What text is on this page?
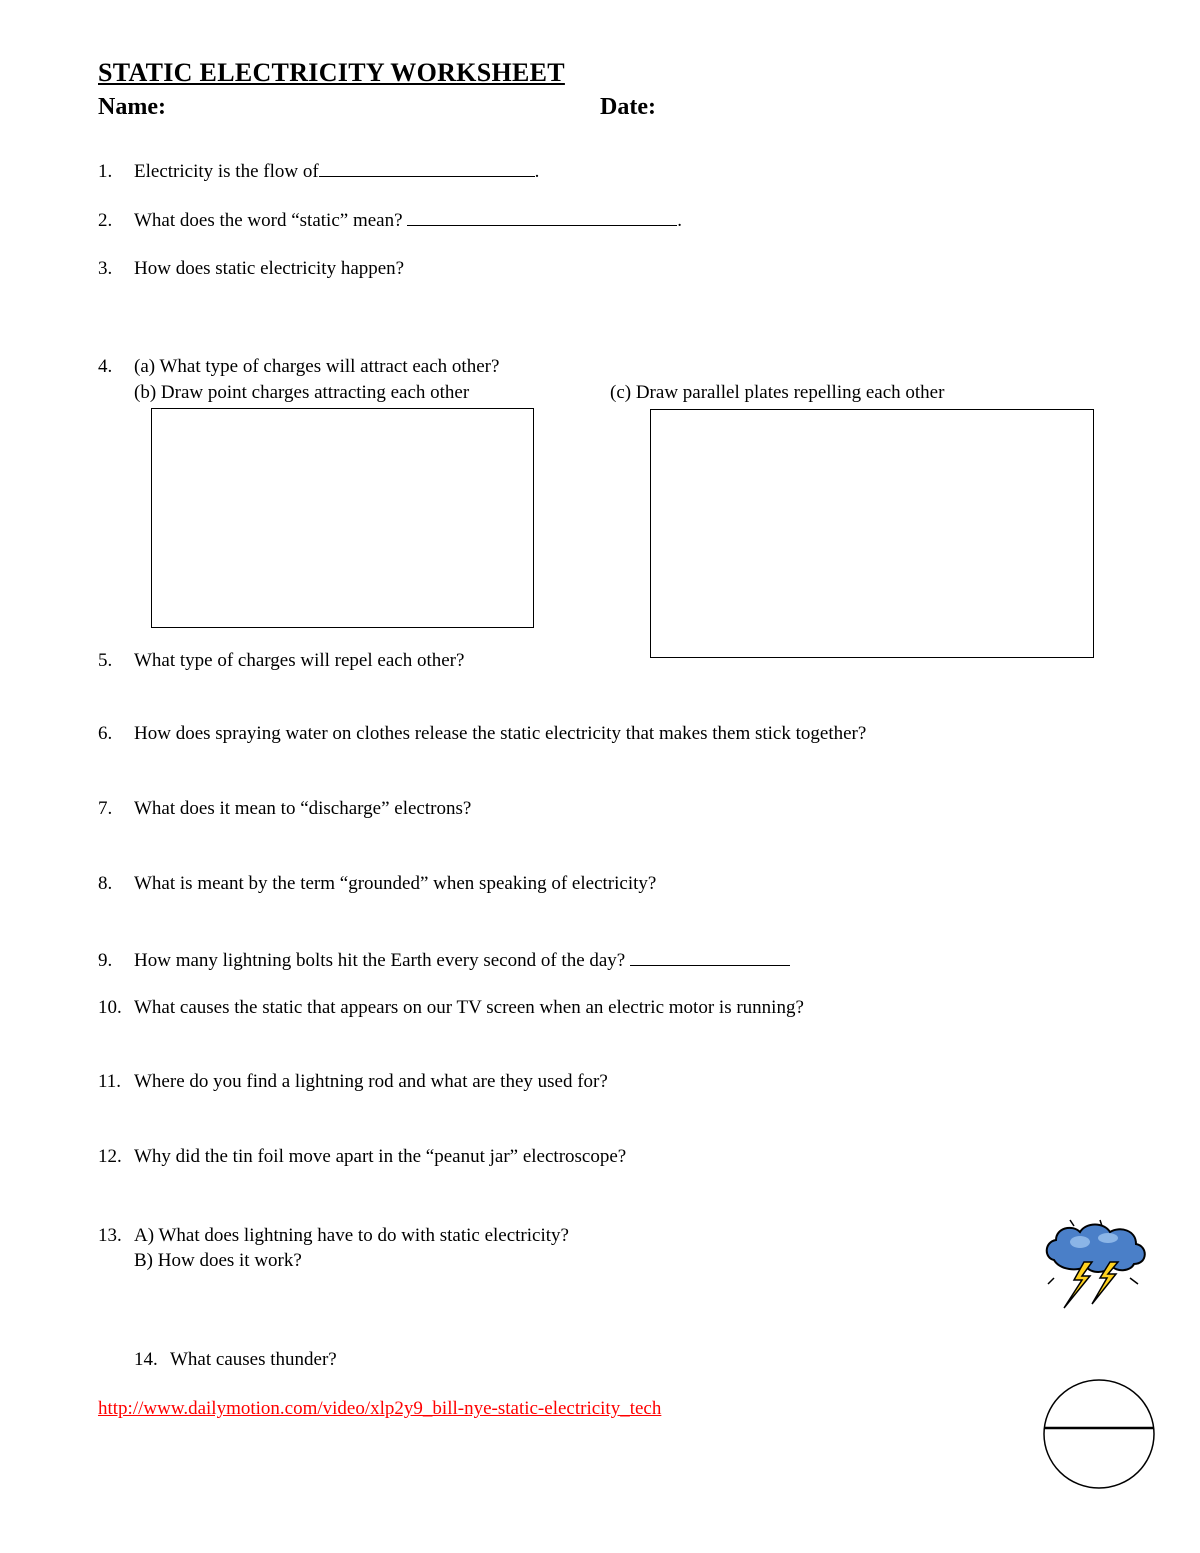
STATIC ELECTRICITY WORKSHEET
Name:	Date:
1. Electricity is the flow of	.
2. What does the word “static” mean?	.
3. How does static electricity happen?
4. (a) What type of charges will attract each other?
(b) Draw point charges attracting each other	(c) Draw parallel plates repelling each other
5. What type of charges will repel each other?
6. How does spraying water on clothes release the static electricity that makes them stick together?
7. What does it mean to “discharge” electrons?
8. What is meant by the term “grounded” when speaking of electricity?
9. How many lightning bolts hit the Earth every second of the day?
10. What causes the static that appears on our TV screen when an electric motor is running?
11. Where do you find a lightning rod and what are they used for?
12. Why did the tin foil move apart in the “peanut jar” electroscope?
13. A) What does lightning have to do with static electricity?
B) How does it work?
14. What causes thunder?
http://www.dailymotion.com/video/xlp2y9_bill-nye-static-electricity_tech
